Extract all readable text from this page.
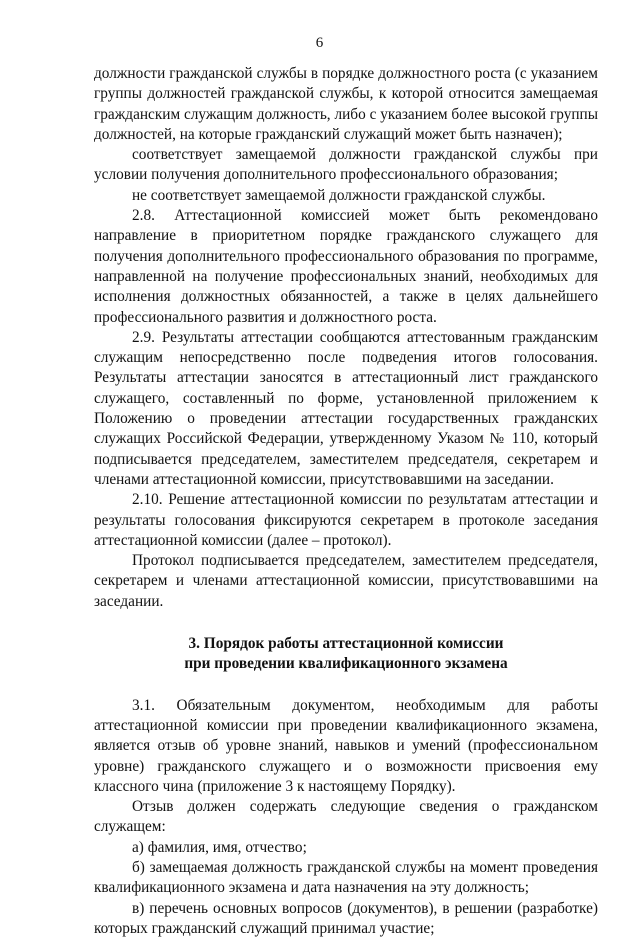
6

должности гражданской службы в порядке должностного роста (с указанием группы должностей гражданской службы, к которой относится замещаемая гражданским служащим должность, либо с указанием более высокой группы должностей, на которые гражданский служащий может быть назначен);

соответствует замещаемой должности гражданской службы при условии получения дополнительного профессионального образования;

не соответствует замещаемой должности гражданской службы.

2.8. Аттестационной комиссией может быть рекомендовано направление в приоритетном порядке гражданского служащего для получения дополнительного профессионального образования по программе, направленной на получение профессиональных знаний, необходимых для исполнения должностных обязанностей, а также в целях дальнейшего профессионального развития и должностного роста.

2.9. Результаты аттестации сообщаются аттестованным гражданским служащим непосредственно после подведения итогов голосования. Результаты аттестации заносятся в аттестационный лист гражданского служащего, составленный по форме, установленной приложением к Положению о проведении аттестации государственных гражданских служащих Российской Федерации, утвержденному Указом № 110, который подписывается председателем, заместителем председателя, секретарем и членами аттестационной комиссии, присутствовавшими на заседании.

2.10. Решение аттестационной комиссии по результатам аттестации и результаты голосования фиксируются секретарем в протоколе заседания аттестационной комиссии (далее – протокол).

Протокол подписывается председателем, заместителем председателя, секретарем и членами аттестационной комиссии, присутствовавшими на заседании.

3. Порядок работы аттестационной комиссии
при проведении квалификационного экзамена

3.1. Обязательным документом, необходимым для работы аттестационной комиссии при проведении квалификационного экзамена, является отзыв об уровне знаний, навыков и умений (профессиональном уровне) гражданского служащего и о возможности присвоения ему классного чина (приложение 3 к настоящему Порядку).

Отзыв должен содержать следующие сведения о гражданском служащем:

а) фамилия, имя, отчество;

б) замещаемая должность гражданской службы на момент проведения квалификационного экзамена и дата назначения на эту должность;

в) перечень основных вопросов (документов), в решении (разработке) которых гражданский служащий принимал участие;
